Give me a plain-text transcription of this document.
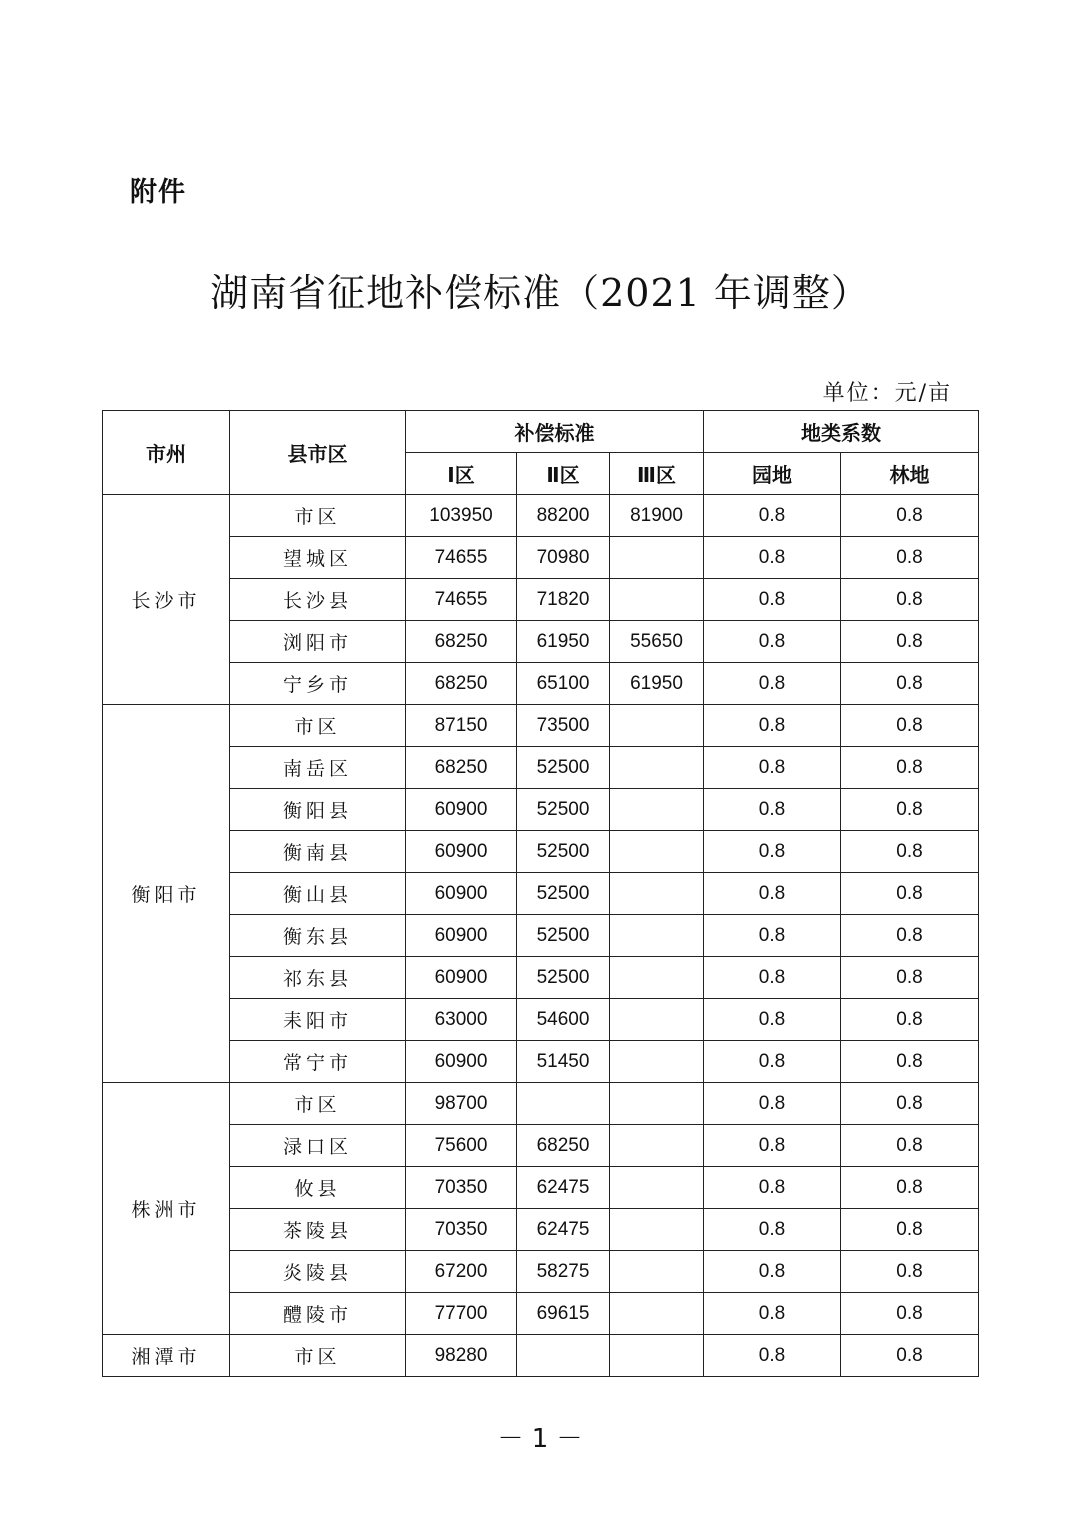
附件
湖南省征地补偿标准（2021 年调整）
单位：元/亩
市州	县市区	补偿标准			地类系数	
		Ⅰ区	Ⅱ区	Ⅲ区	园地	林地
长沙市	市区	103950	88200	81900	0.8	0.8
	望城区	74655	70980		0.8	0.8
	长沙县	74655	71820		0.8	0.8
	浏阳市	68250	61950	55650	0.8	0.8
	宁乡市	68250	65100	61950	0.8	0.8
衡阳市	市区	87150	73500		0.8	0.8
	南岳区	68250	52500		0.8	0.8
	衡阳县	60900	52500		0.8	0.8
	衡南县	60900	52500		0.8	0.8
	衡山县	60900	52500		0.8	0.8
	衡东县	60900	52500		0.8	0.8
	祁东县	60900	52500		0.8	0.8
	耒阳市	63000	54600		0.8	0.8
	常宁市	60900	51450		0.8	0.8
株洲市	市区	98700			0.8	0.8
	渌口区	75600	68250		0.8	0.8
	攸县	70350	62475		0.8	0.8
	茶陵县	70350	62475		0.8	0.8
	炎陵县	67200	58275		0.8	0.8
	醴陵市	77700	69615		0.8	0.8
湘潭市	市区	98280			0.8	0.8
－ 1 －
